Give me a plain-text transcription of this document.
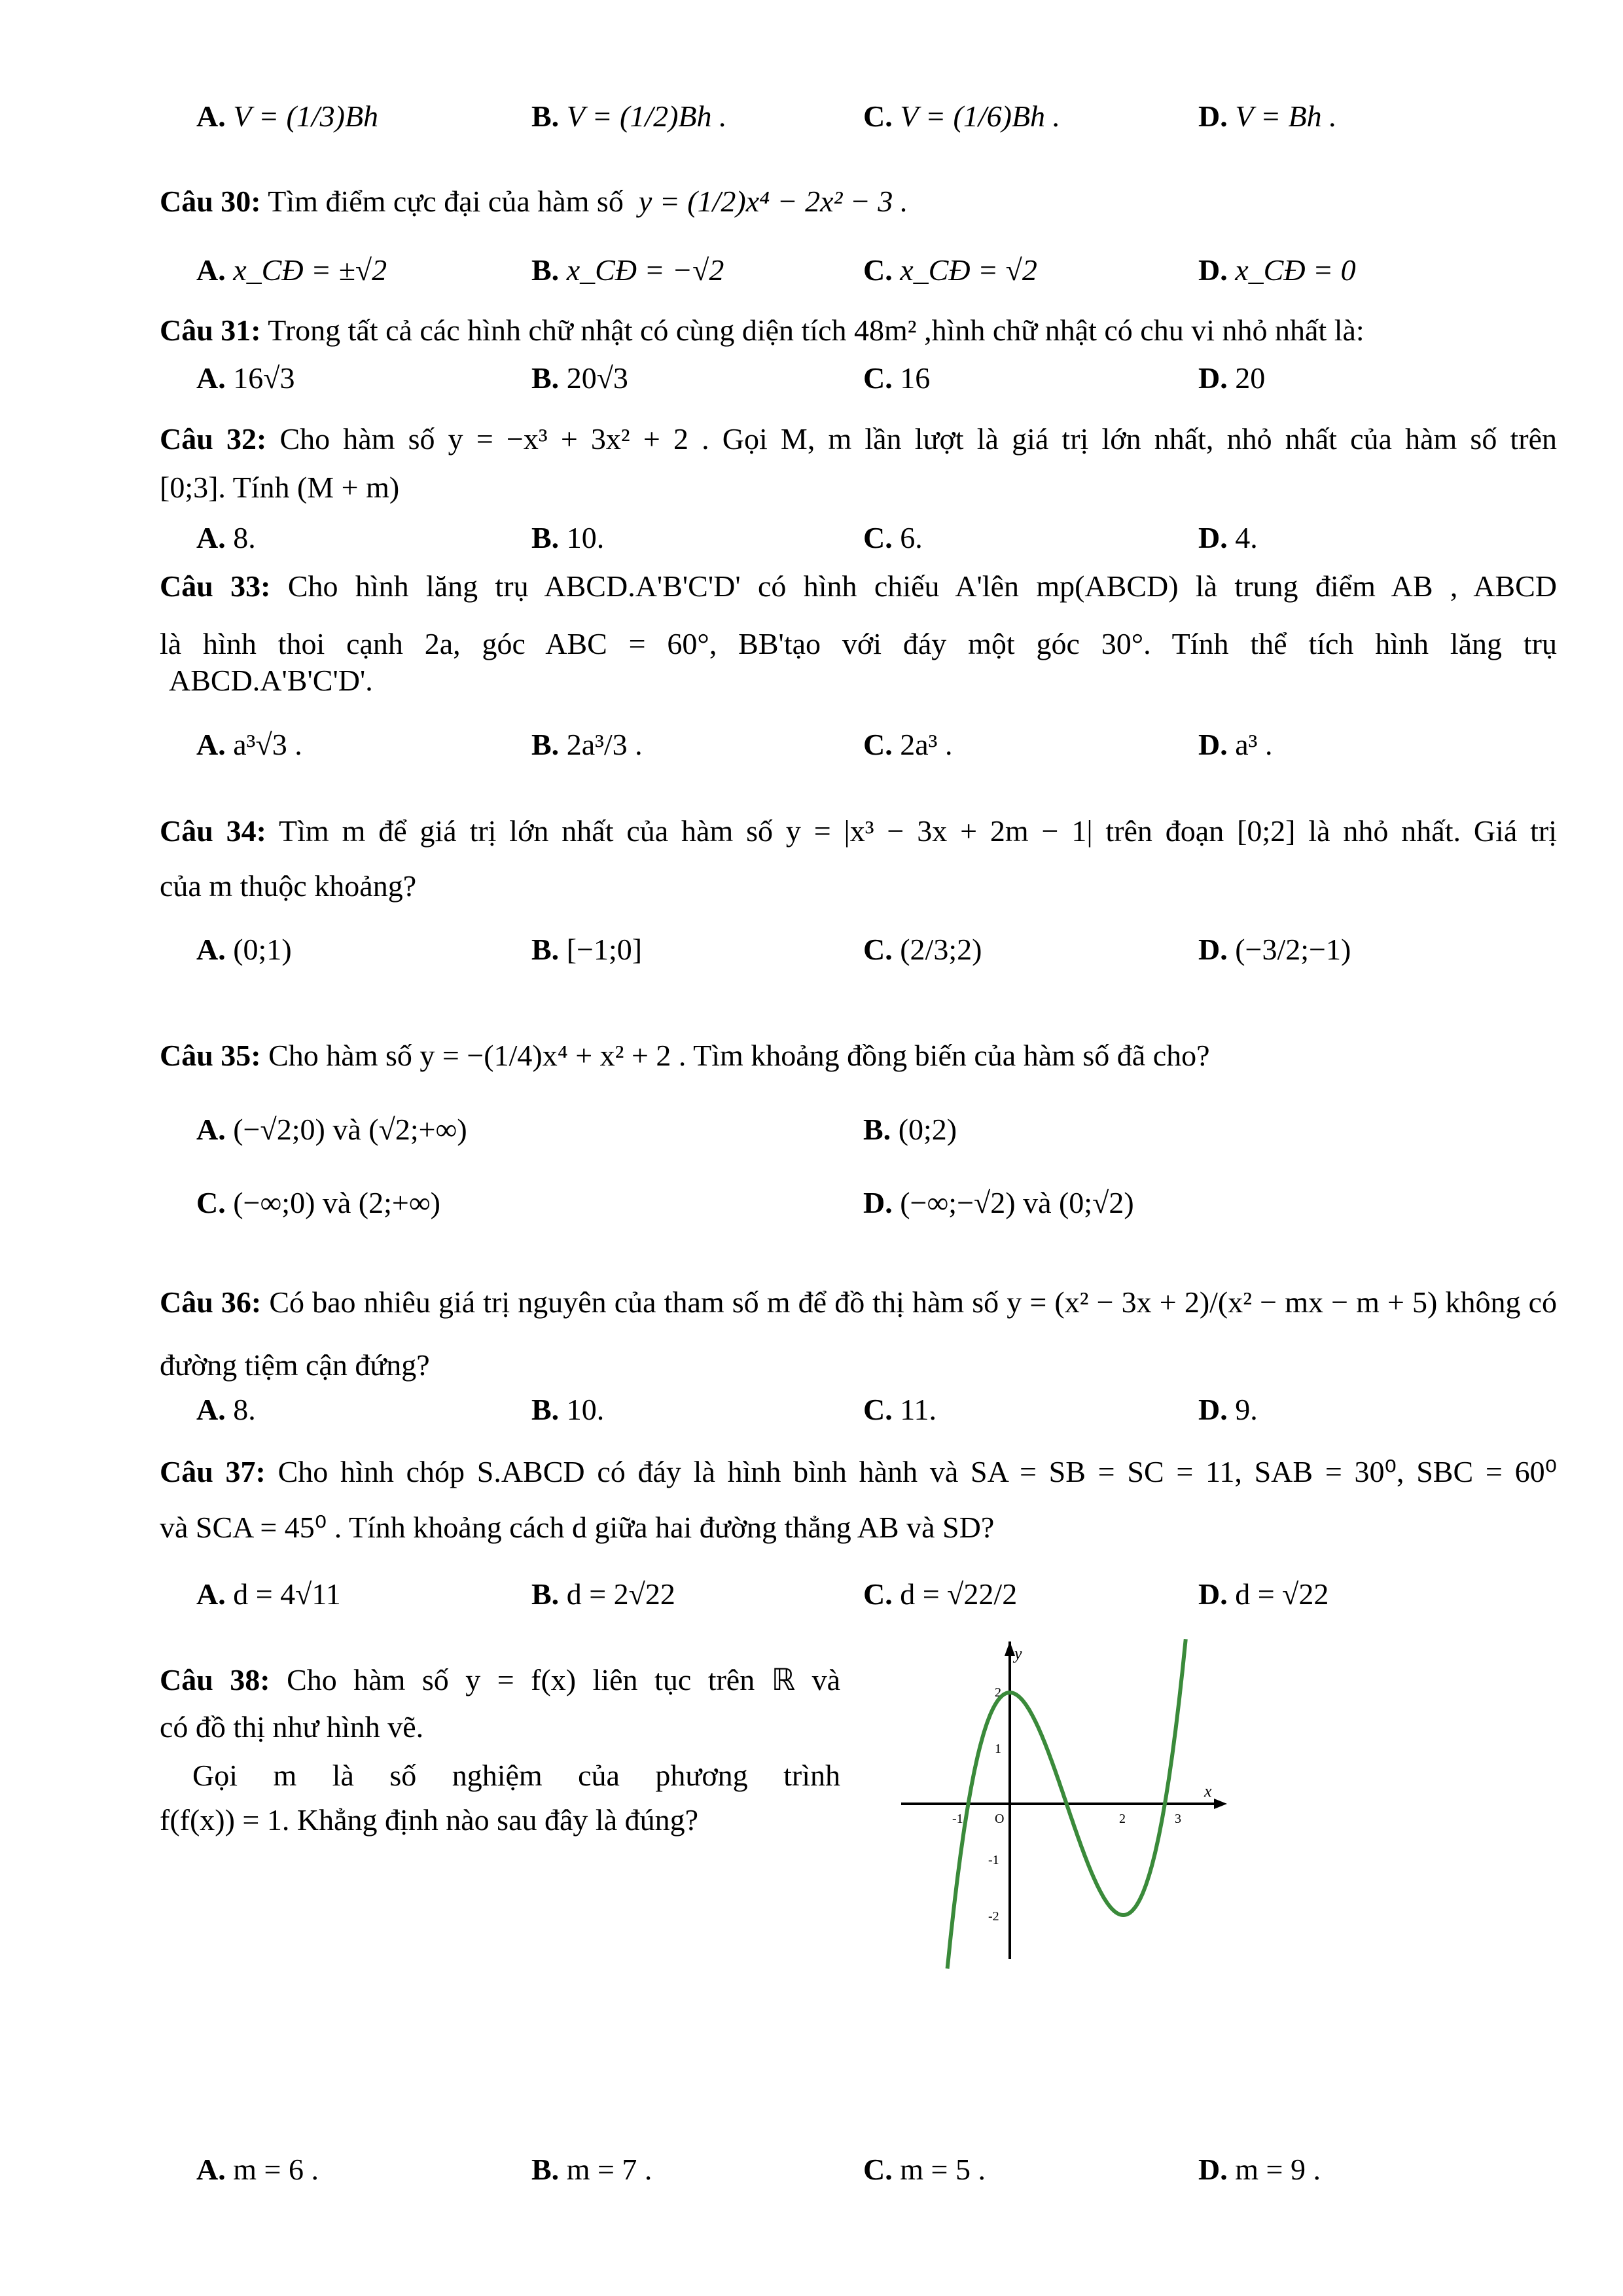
A. V = (1/3)Bh	B. V = (1/2)Bh .	C. V = (1/6)Bh .	D. V = Bh .
Câu 30: Tìm điểm cực đại của hàm số y = (1/2)x⁴ − 2x² − 3 .
A. x_CĐ = ±√2	B. x_CĐ = −√2	C. x_CĐ = √2	D. x_CĐ = 0
Câu 31: Trong tất cả các hình chữ nhật có cùng diện tích 48m² ,hình chữ nhật có chu vi nhỏ nhất là:
A. 16√3	B. 20√3	C. 16	D. 20
Câu 32: Cho hàm số y = −x³ + 3x² + 2 . Gọi M, m lần lượt là giá trị lớn nhất, nhỏ nhất của hàm số trên
[0;3]. Tính (M + m)
A. 8.	B. 10.	C. 6.	D. 4.
Câu 33: Cho hình lăng trụ ABCD.A'B'C'D' có hình chiếu A'lên mp(ABCD) là trung điểm AB , ABCD
là hình thoi cạnh 2a, góc ABC = 60°, BB'tạo với đáy một góc 30°. Tính thể tích hình lăng trụ
ABCD.A'B'C'D'.
A. a³√3 .	B. 2a³/3 .	C. 2a³ .	D. a³ .
Câu 34: Tìm m để giá trị lớn nhất của hàm số y = |x³ − 3x + 2m − 1| trên đoạn [0;2] là nhỏ nhất. Giá trị
của m thuộc khoảng?
A. (0;1)	B. [−1;0]	C. (2/3;2)	D. (−3/2;−1)
Câu 35: Cho hàm số y = −(1/4)x⁴ + x² + 2 . Tìm khoảng đồng biến của hàm số đã cho?
A. (−√2;0) và (√2;+∞)	B. (0;2)
C. (−∞;0) và (2;+∞)	D. (−∞;−√2) và (0;√2)
Câu 36: Có bao nhiêu giá trị nguyên của tham số m để đồ thị hàm số y = (x² − 3x + 2)/(x² − mx − m + 5) không có
đường tiệm cận đứng?
A. 8.	B. 10.	C. 11.	D. 9.
Câu 37: Cho hình chóp S.ABCD có đáy là hình bình hành và SA = SB = SC = 11, SAB = 30⁰, SBC = 60⁰
và SCA = 45⁰ . Tính khoảng cách d giữa hai đường thẳng AB và SD?
A. d = 4√11	B. d = 2√22	C. d = √22/2	D. d = √22
Câu 38: Cho hàm số y = f(x) liên tục trên ℝ và
có đồ thị như hình vẽ.
Gọi m là số nghiệm của phương trình
f(f(x)) = 1. Khẳng định nào sau đây là đúng?
x
y
-1 O	2	3
2
1
-1
-2
A. m = 6 .	B. m = 7 .	C. m = 5 .	D. m = 9 .
